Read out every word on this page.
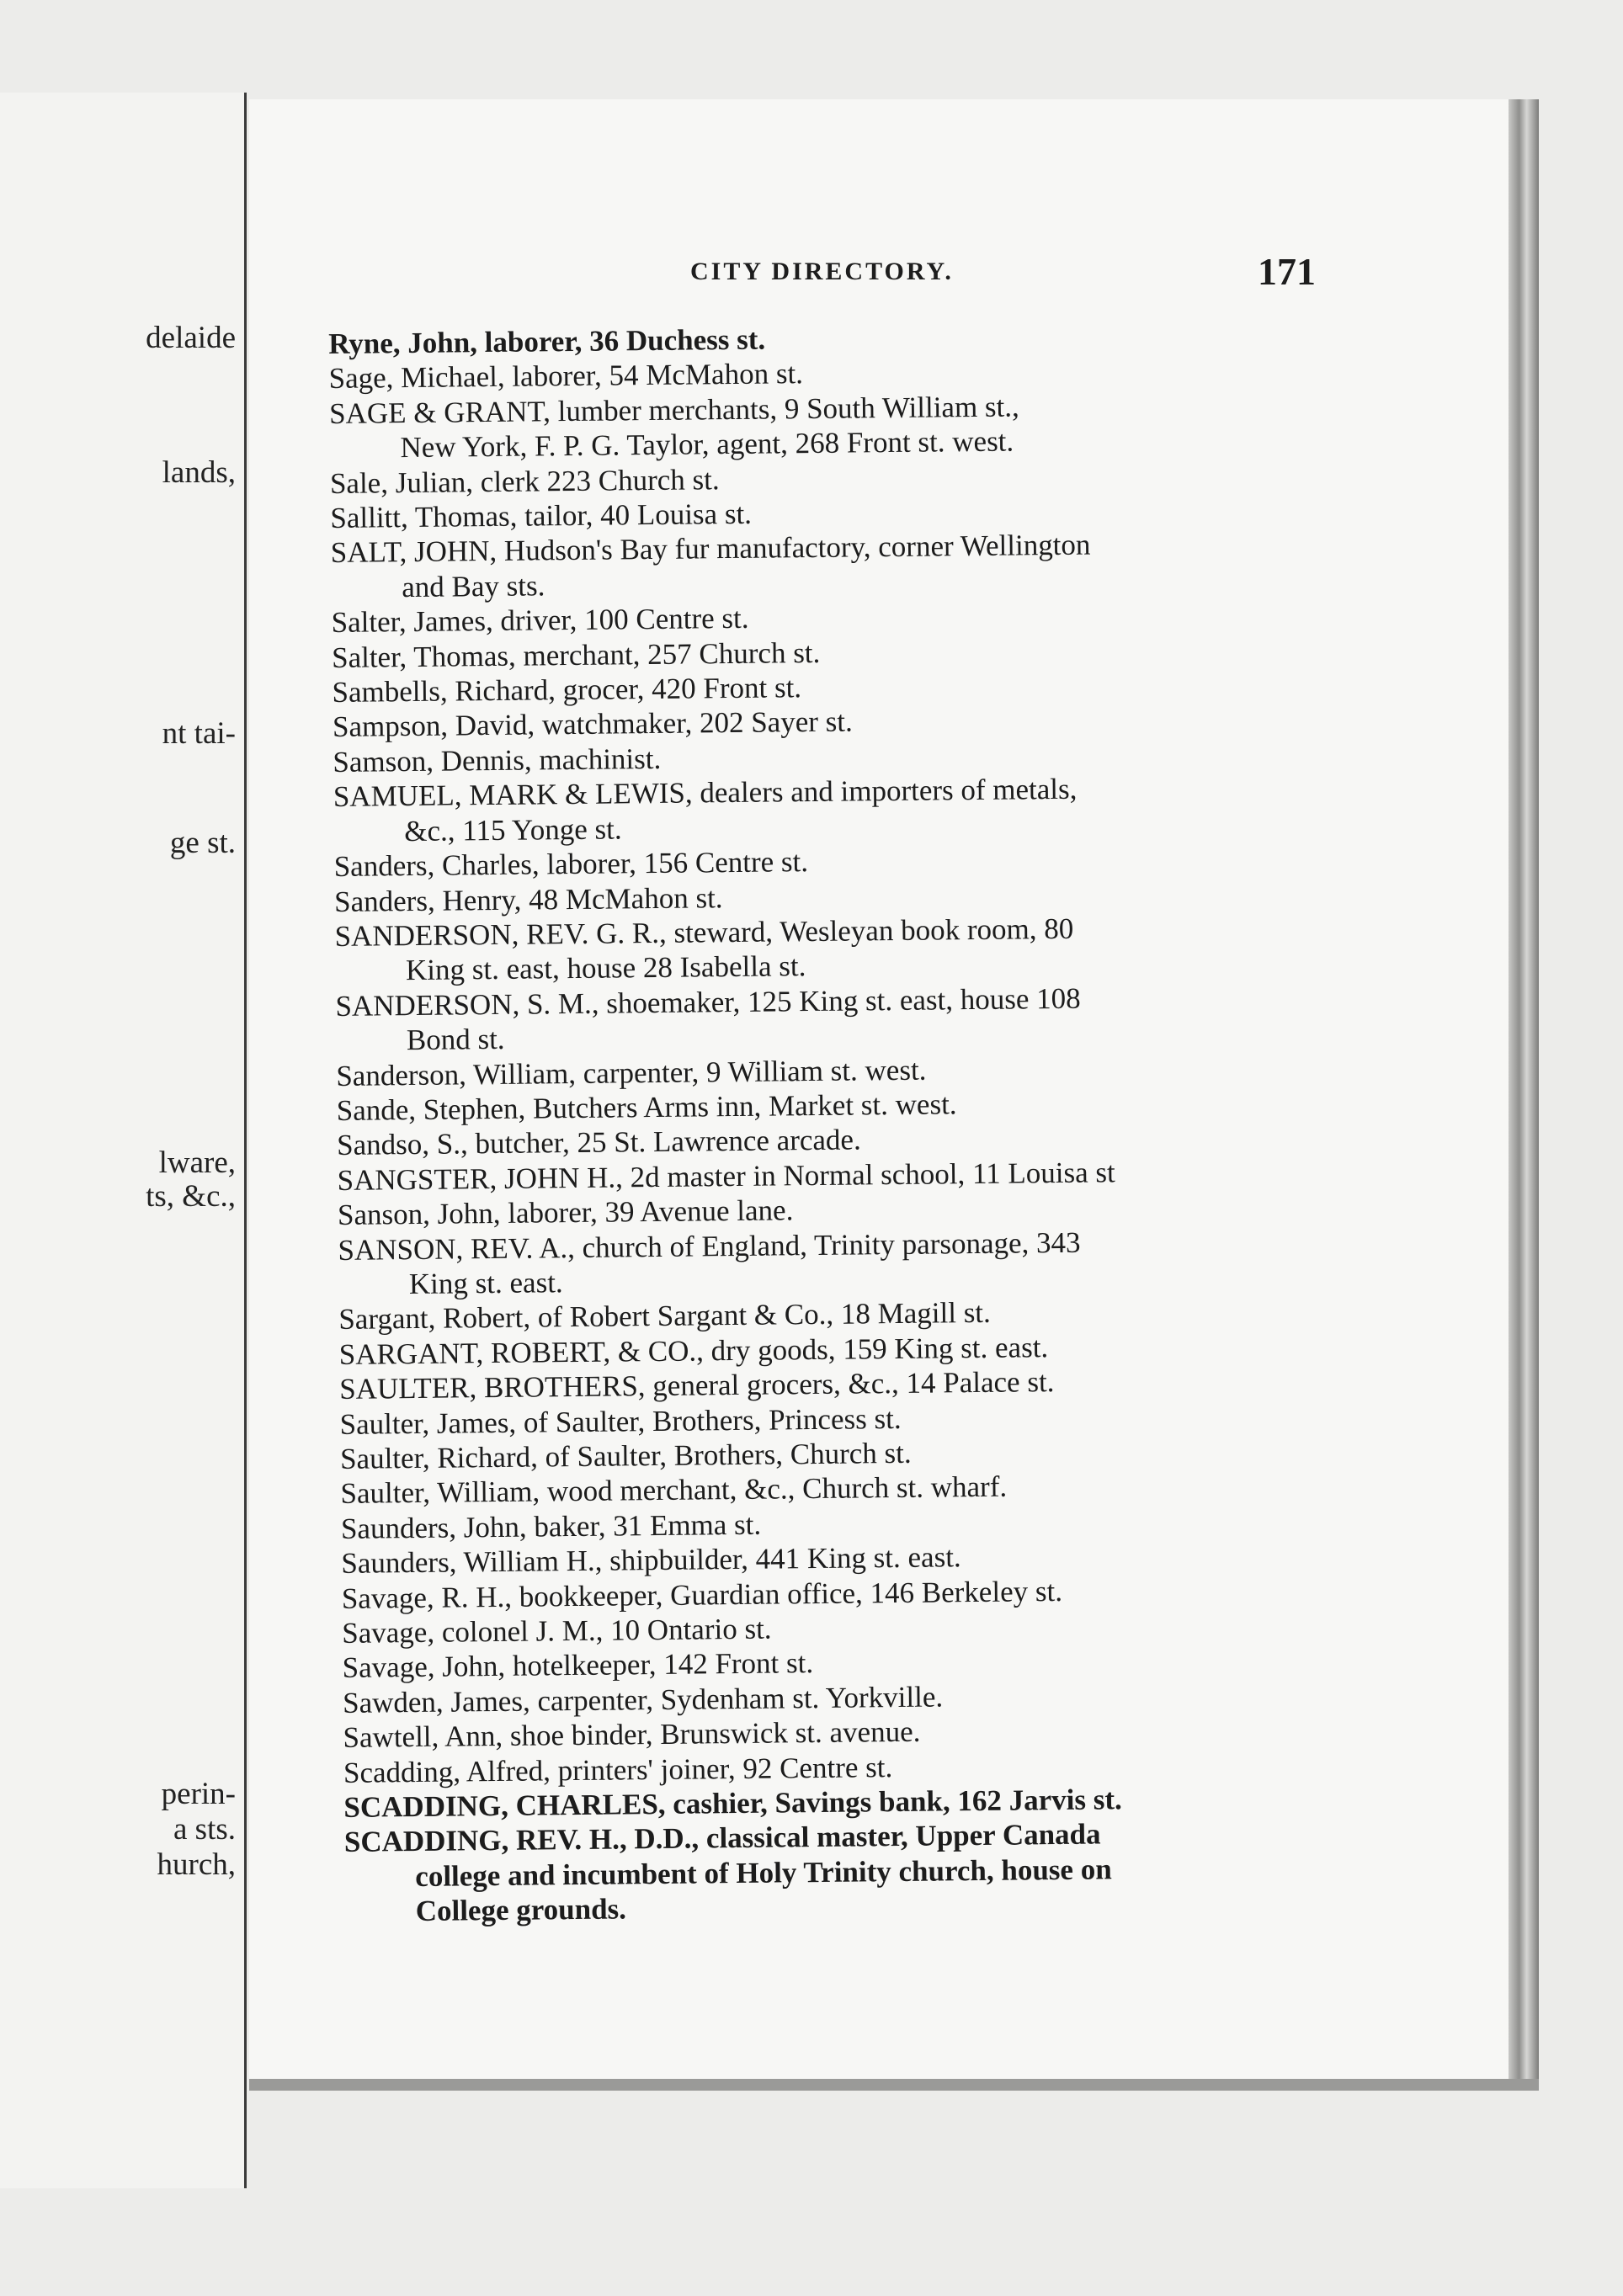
delaide
lands,
nt tai-
ge st.
lware,
ts, &c.,
perin-
a sts.
hurch,
CITY DIRECTORY.	171
Ryne, John, laborer, 36 Duchess st.
Sage, Michael, laborer, 54 McMahon st.
SAGE & GRANT, lumber merchants, 9 South William st.,
New York, F. P. G. Taylor, agent, 268 Front st. west.
Sale, Julian, clerk 223 Church st.
Sallitt, Thomas, tailor, 40 Louisa st.
SALT, JOHN, Hudson's Bay fur manufactory, corner Wellington
and Bay sts.
Salter, James, driver, 100 Centre st.
Salter, Thomas, merchant, 257 Church st.
Sambells, Richard, grocer, 420 Front st.
Sampson, David, watchmaker, 202 Sayer st.
Samson, Dennis, machinist.
SAMUEL, MARK & LEWIS, dealers and importers of metals,
&c., 115 Yonge st.
Sanders, Charles, laborer, 156 Centre st.
Sanders, Henry, 48 McMahon st.
SANDERSON, REV. G. R., steward, Wesleyan book room, 80
King st. east, house 28 Isabella st.
SANDERSON, S. M., shoemaker, 125 King st. east, house 108
Bond st.
Sanderson, William, carpenter, 9 William st. west.
Sande, Stephen, Butchers Arms inn, Market st. west.
Sandso, S., butcher, 25 St. Lawrence arcade.
SANGSTER, JOHN H., 2d master in Normal school, 11 Louisa st
Sanson, John, laborer, 39 Avenue lane.
SANSON, REV. A., church of England, Trinity parsonage, 343
King st. east.
Sargant, Robert, of Robert Sargant & Co., 18 Magill st.
SARGANT, ROBERT, & CO., dry goods, 159 King st. east.
SAULTER, BROTHERS, general grocers, &c., 14 Palace st.
Saulter, James, of Saulter, Brothers, Princess st.
Saulter, Richard, of Saulter, Brothers, Church st.
Saulter, William, wood merchant, &c., Church st. wharf.
Saunders, John, baker, 31 Emma st.
Saunders, William H., shipbuilder, 441 King st. east.
Savage, R. H., bookkeeper, Guardian office, 146 Berkeley st.
Savage, colonel J. M., 10 Ontario st.
Savage, John, hotelkeeper, 142 Front st.
Sawden, James, carpenter, Sydenham st. Yorkville.
Sawtell, Ann, shoe binder, Brunswick st. avenue.
Scadding, Alfred, printers' joiner, 92 Centre st.
SCADDING, CHARLES, cashier, Savings bank, 162 Jarvis st.
SCADDING, REV. H., D.D., classical master, Upper Canada
college and incumbent of Holy Trinity church, house on
College grounds.
